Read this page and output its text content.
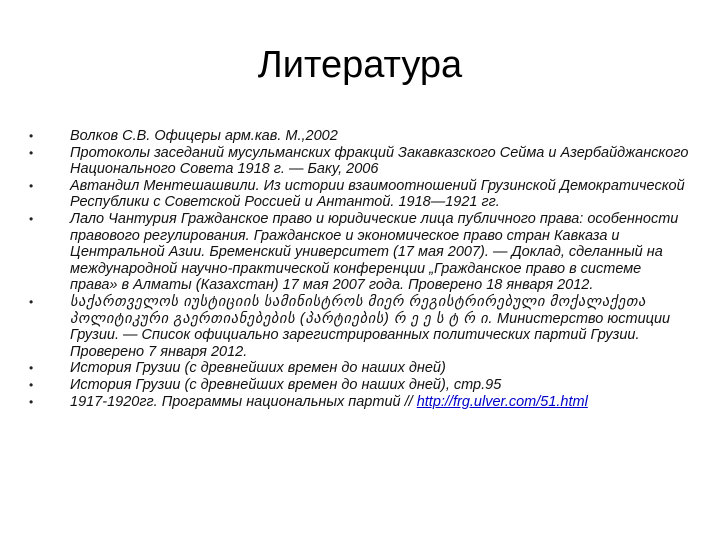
Литература
•	Волков С.В. Офицеры арм.кав. М.,2002
•	Протоколы заседаний мусульманских фракций Закавказского Сейма и Азербайджанского Национального Совета 1918 г. — Баку, 2006
•	Автандил Ментешашвили. Из истории взаимоотношений Грузинской Демократической Республики с Советской Россией и Антантой. 1918—1921 гг.
•	Лало Чантурия Гражданское право и юридические лица публичного права: особенности правового регулирования. Гражданское и экономическое право стран Кавказа и Центральной Азии. Бременский университет (17 мая 2007). — Доклад, сделанный на международной научно-практической конференции „Гражданское право в системе права» в Алматы (Казахстан) 17 мая 2007 года. Проверено 18 января 2012.
•	საქართველოს იუსტიციის სამინისტროს მიერ რეგისტრირებული მოქალაქეთა პოლიტიკური გაერთიანებების (პარტიების) რ ე ე ს ტ რ ი. Министерство юстиции Грузии. — Список официально зарегистрированных политических партий Грузии. Проверено 7 января 2012.
•	История Грузии (с древнейших времен до наших дней)
•	История Грузии (с древнейших времен до наших дней), стр.95
•	1917-1920гг. Программы национальных партий // http://frg.ulver.com/51.html
